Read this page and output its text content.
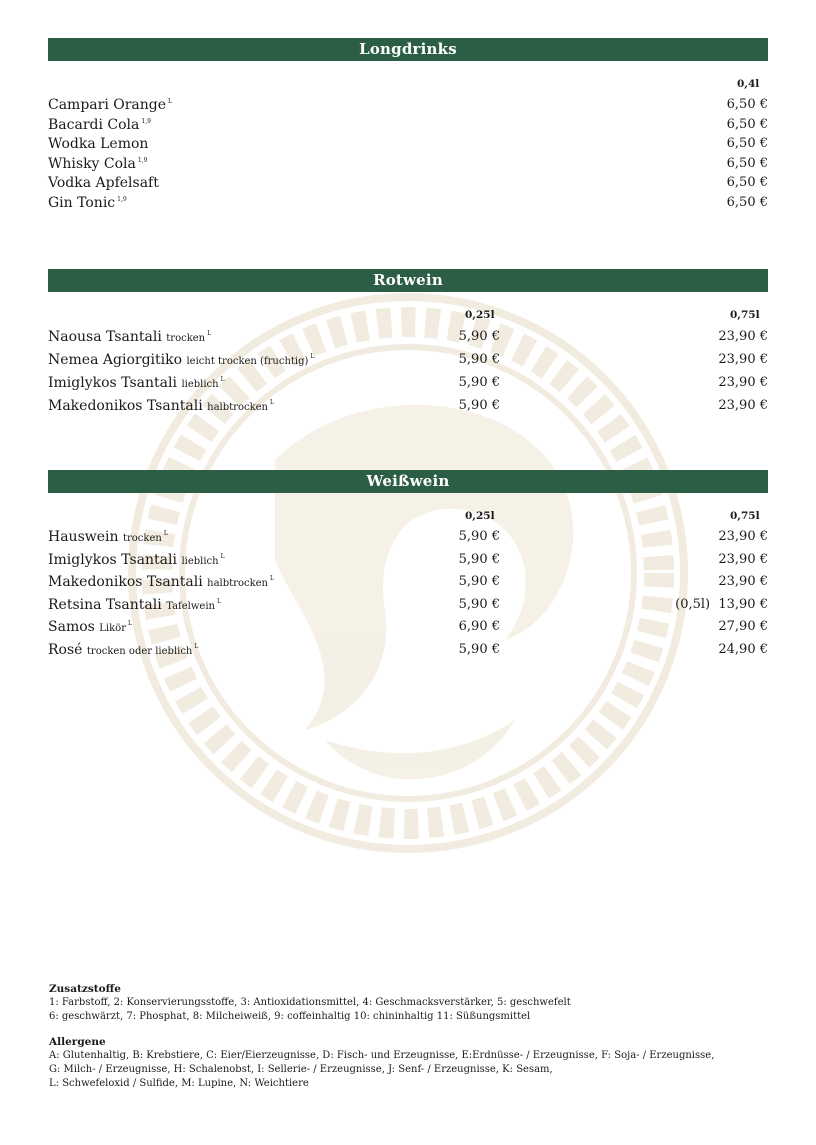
Longdrinks
0,4l
Campari Orange $^L$	6,50 €
Bacardi Cola $^{1,9}$	6,50 €
Wodka Lemon	6,50 €
Whisky Cola $^{1,9}$	6,50 €
Vodka Apfelsaft	6,50 €
Gin Tonic $^{1,9}$	6,50 €
Rotwein
0,25l	0,75l
Naousa Tsantali trocken $^L$	5,90 €	23,90 €
Nemea Agiorgitiko leicht trocken (fruchtig) $^L$	5,90 €	23,90 €
Imiglykos Tsantali lieblich $^L$	5,90 €	23,90 €
Makedonikos Tsantali halbtrocken $^L$	5,90 €	23,90 €
Weißwein
0,25l	0,75l
Hauswein trocken $^L$	5,90 €	23,90 €
Imiglykos Tsantali lieblich $^L$	5,90 €	23,90 €
Makedonikos Tsantali halbtrocken $^L$	5,90 €	23,90 €
Retsina Tsantali Tafelwein $^L$	5,90 €	(0,5l)  13,90 €
Samos Likör $^L$	6,90 €	27,90 €
Rosé trocken oder lieblich $^L$	5,90 €	24,90 €
Zusatzstoffe
1: Farbstoff, 2: Konservierungsstoffe, 3: Antioxidationsmittel, 4: Geschmacksverstärker, 5: geschwefelt
6: geschwärzt, 7: Phosphat, 8: Milcheiweiß, 9: coffeinhaltig 10: chininhaltig 11: Süßungsmittel
Allergene
A: Glutenhaltig, B: Krebstiere, C: Eier/Eierzeugnisse, D: Fisch- und Erzeugnisse, E:Erdnüsse- / Erzeugnisse, F: Soja- / Erzeugnisse,
G: Milch- / Erzeugnisse, H: Schalenobst, I: Sellerie- / Erzeugnisse, J: Senf- / Erzeugnisse, K: Sesam,
L: Schwefeloxid / Sulfide, M: Lupine, N: Weichtiere
